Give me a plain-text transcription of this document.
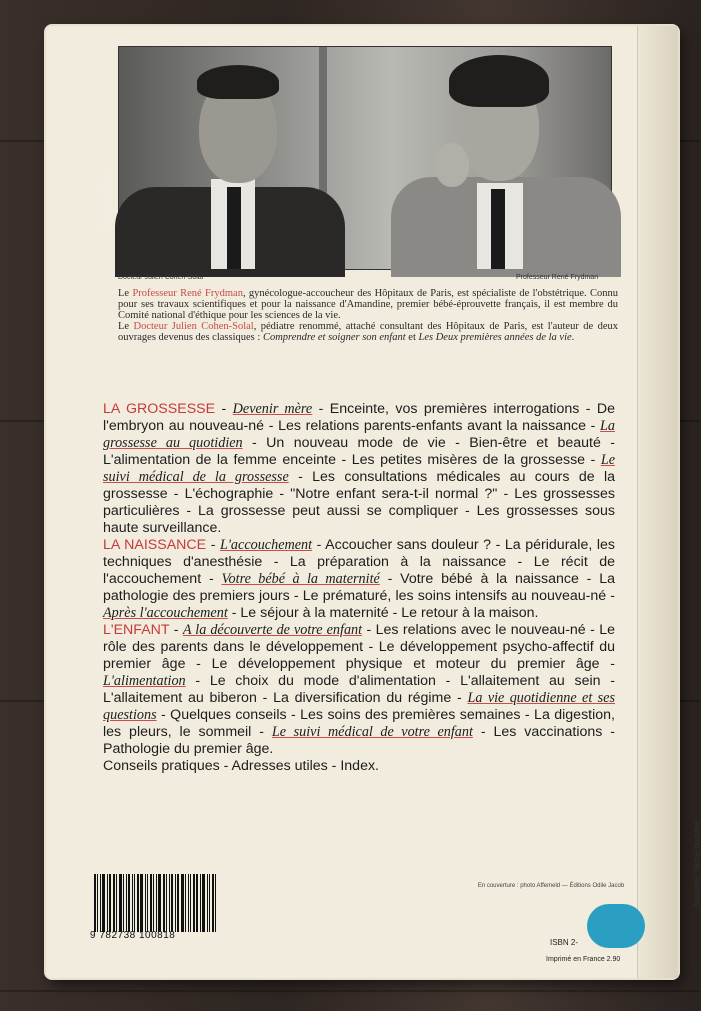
Photo : Louis Monier
Docteur Julien Cohen-Solal	Professeur René Frydman
Le Professeur René Frydman, gynécologue-accoucheur des Hôpitaux de Paris, est spécialiste de l'obstétrique. Connu pour ses travaux scientifiques et pour la naissance d'Amandine, premier bébé-éprouvette français, il est membre du Comité national d'éthique pour les sciences de la vie.
Le Docteur Julien Cohen-Solal, pédiatre renommé, attaché consultant des Hôpitaux de Paris, est l'auteur de deux ouvrages devenus des classiques : Comprendre et soigner son enfant et Les Deux premières années de la vie.
LA GROSSESSE - Devenir mère - Enceinte, vos premières interrogations - De l'embryon au nouveau-né - Les relations parents-enfants avant la naissance - La grossesse au quotidien - Un nouveau mode de vie - Bien-être et beauté - L'alimentation de la femme enceinte - Les petites misères de la grossesse - Le suivi médical de la grossesse - Les consultations médicales au cours de la grossesse - L'échographie - "Notre enfant sera-t-il normal ?" - Les grossesses particulières - La grossesse peut aussi se compliquer - Les grossesses sous haute surveillance.
LA NAISSANCE - L'accouchement - Accoucher sans douleur ? - La péridurale, les techniques d'anesthésie - La préparation à la naissance - Le récit de l'accouchement - Votre bébé à la maternité - Votre bébé à la naissance - La pathologie des premiers jours - Le prématuré, les soins intensifs au nouveau-né - Après l'accouchement - Le séjour à la maternité - Le retour à la maison.
L'ENFANT - A la découverte de votre enfant - Les relations avec le nouveau-né - Le rôle des parents dans le développement - Le développement psycho-affectif du premier âge - Le développement physique et moteur du premier âge - L'alimentation - Le choix du mode d'alimentation - L'allaitement au sein - L'allaitement au biberon - La diversification du régime - La vie quotidienne et ses questions - Quelques conseils - Les soins des premières semaines - La digestion, les pleurs, le sommeil - Le suivi médical de votre enfant - Les vaccinations - Pathologie du premier âge.
Conseils pratiques - Adresses utiles - Index.
En couverture : photo Affemeld — Éditions Odile Jacob
9 782738 100818
ISBN 2-
Imprimé en France 2.90
Maquette : Michel Duchêne
